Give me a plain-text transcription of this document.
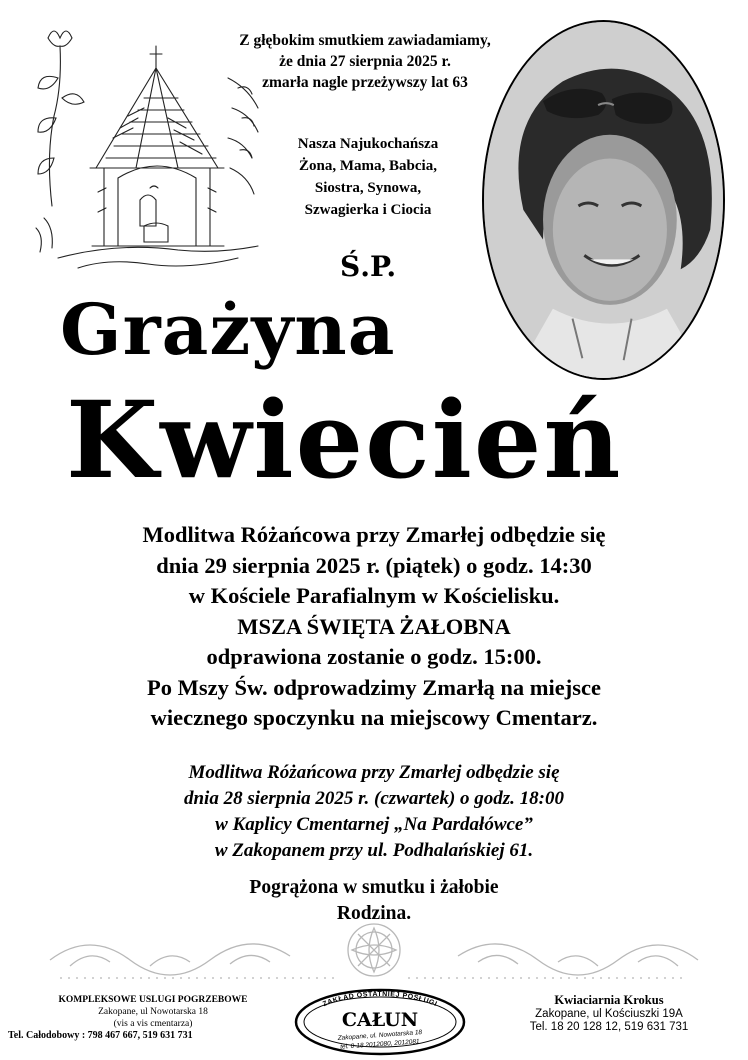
Z głębokim smutkiem zawiadamiamy,
że dnia 27 sierpnia 2025 r.
zmarła nagle przeżywszy lat 63
Nasza Najukochańsza
Żona, Mama, Babcia,
Siostra, Synowa,
Szwagierka i Ciocia
Ś.P.
Grażyna
Kwiecień
Modlitwa Różańcowa przy Zmarłej odbędzie się
dnia 29 sierpnia 2025 r. (piątek) o godz. 14:30
w Kościele Parafialnym w Kościelisku.
MSZA ŚWIĘTA ŻAŁOBNA
odprawiona zostanie o godz. 15:00.
Po Mszy Św. odprowadzimy Zmarłą na miejsce
wiecznego spoczynku na miejscowy Cmentarz.
Modlitwa Różańcowa przy Zmarłej odbędzie się
dnia 28 sierpnia 2025 r. (czwartek) o godz. 18:00
w Kaplicy Cmentarnej „Na Pardałówce”
w Zakopanem przy ul. Podhalańskiej 61.
Pogrążona w smutku i żałobie
Rodzina.
KOMPLEKSOWE USLUGI POGRZEBOWE
Zakopane, ul Nowotarska 18
(vis a vis cmentarza)
Tel. Całodobowy : 798 467 667, 519 631 731
ZAKŁAD OSTATNIEJ POSŁUGI
CAŁUN
Zakopane, ul. Nowotarska 18
tel. 0-18 2012080, 2012081
Kwiaciarnia Krokus
Zakopane, ul Kościuszki 19A
Tel. 18 20 128 12, 519 631 731
